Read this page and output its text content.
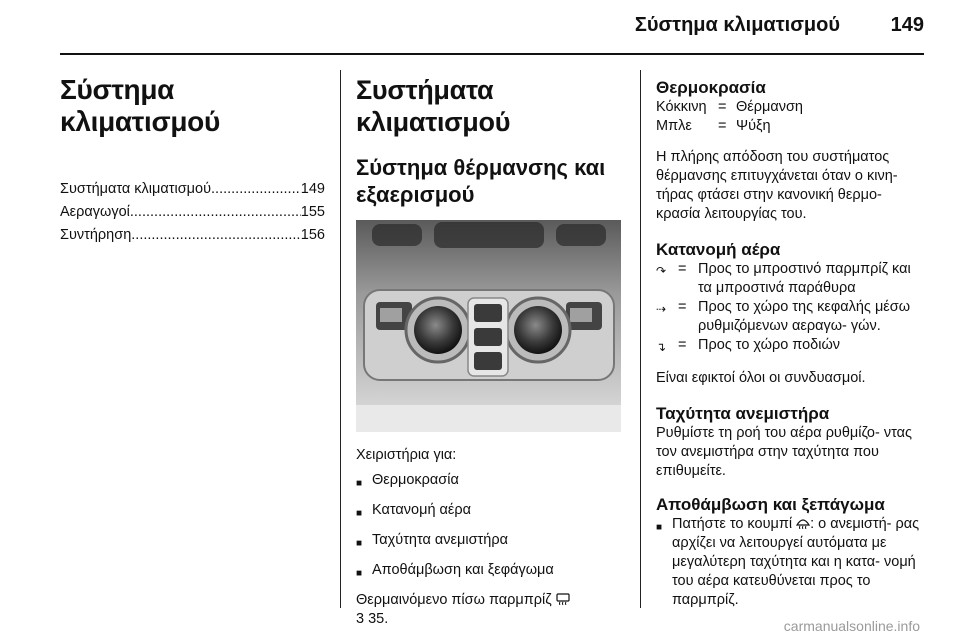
Σύστημα κλιματισμού	149
Σύστημα κλιματισμού
Συστήματα κλιματισμού .....	149
Αεραγωγοί .....	155
Συντήρηση .....	156
Συστήματα κλιματισμού
Σύστημα θέρμανσης και εξαερισμού
Χειριστήρια για:
■ Θερμοκρασία
■ Κατανομή αέρα
■ Ταχύτητα ανεμιστήρα
■ Αποθάμβωση και ξεφάγωμα
Θερμαινόμενο πίσω παρμπρίζ
3 35.
Θερμοκρασία
Κόκκινη = Θέρμανση
Μπλε	= Ψύξη
Η πλήρης απόδοση του συστήματος θέρμανσης επιτυγχάνεται όταν ο κινη- τήρας φτάσει στην κανονική θερμο- κρασία λειτουργίας του.
Κατανομή αέρα
↷ = Προς το μπροστινό παρμπρίζ και τα μπροστινά παράθυρα
⇢ = Προς το χώρο της κεφαλής μέσω ρυθμιζόμενων αεραγω- γών.
↴ = Προς το χώρο ποδιών
Είναι εφικτοί όλοι οι συνδυασμοί.
Ταχύτητα ανεμιστήρα
Ρυθμίστε τη ροή του αέρα ρυθμίζο- ντας τον ανεμιστήρα στην ταχύτητα που επιθυμείτε.
Αποθάμβωση και ξεπάγωμα
■ Πατήστε το κουμπί : ο ανεμιστή- ρας αρχίζει να λειτουργεί αυτόματα με μεγαλύτερη ταχύτητα και η κατα- νομή του αέρα κατευθύνεται προς το παρμπρίζ.
carmanualsonline.info
